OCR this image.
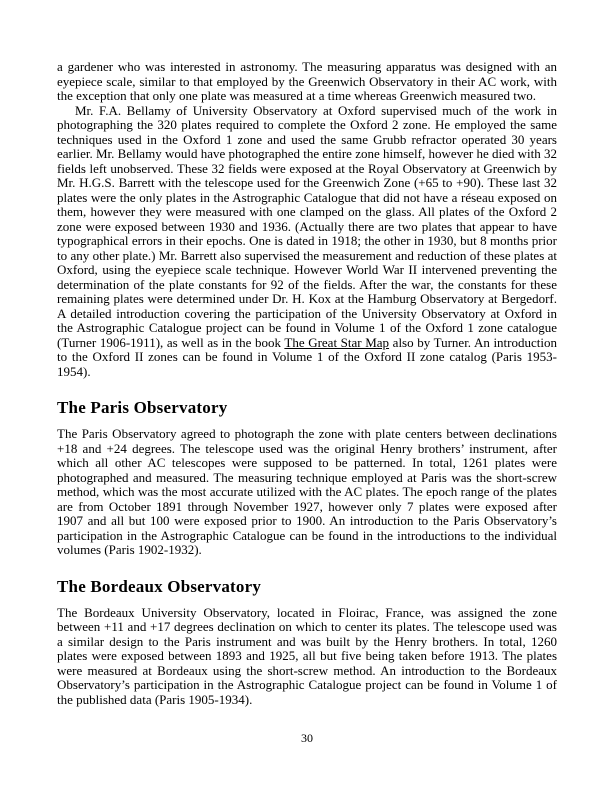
a gardener who was interested in astronomy. The measuring apparatus was designed with an eyepiece scale, similar to that employed by the Greenwich Observatory in their AC work, with the exception that only one plate was measured at a time whereas Greenwich measured two.

Mr. F.A. Bellamy of University Observatory at Oxford supervised much of the work in photographing the 320 plates required to complete the Oxford 2 zone. He employed the same techniques used in the Oxford 1 zone and used the same Grubb refractor operated 30 years earlier. Mr. Bellamy would have photographed the entire zone himself, however he died with 32 fields left unobserved. These 32 fields were exposed at the Royal Observatory at Greenwich by Mr. H.G.S. Barrett with the telescope used for the Greenwich Zone (+65 to +90). These last 32 plates were the only plates in the Astrographic Catalogue that did not have a réseau exposed on them, however they were measured with one clamped on the glass. All plates of the Oxford 2 zone were exposed between 1930 and 1936. (Actually there are two plates that appear to have typographical errors in their epochs. One is dated in 1918; the other in 1930, but 8 months prior to any other plate.) Mr. Barrett also supervised the measurement and reduction of these plates at Oxford, using the eyepiece scale technique. However World War II intervened preventing the determination of the plate constants for 92 of the fields. After the war, the constants for these remaining plates were determined under Dr. H. Kox at the Hamburg Observatory at Bergedorf. A detailed introduction covering the participation of the University Observatory at Oxford in the Astrographic Catalogue project can be found in Volume 1 of the Oxford 1 zone catalogue (Turner 1906-1911), as well as in the book The Great Star Map also by Turner. An introduction to the Oxford II zones can be found in Volume 1 of the Oxford II zone catalog (Paris 1953-1954).

The Paris Observatory

The Paris Observatory agreed to photograph the zone with plate centers between declinations +18 and +24 degrees. The telescope used was the original Henry brothers’ instrument, after which all other AC telescopes were supposed to be patterned. In total, 1261 plates were photographed and measured. The measuring technique employed at Paris was the short-screw method, which was the most accurate utilized with the AC plates. The epoch range of the plates are from October 1891 through November 1927, however only 7 plates were exposed after 1907 and all but 100 were exposed prior to 1900. An introduction to the Paris Observatory’s participation in the Astrographic Catalogue can be found in the introductions to the individual volumes (Paris 1902-1932).

The Bordeaux Observatory

The Bordeaux University Observatory, located in Floirac, France, was assigned the zone between +11 and +17 degrees declination on which to center its plates. The telescope used was a similar design to the Paris instrument and was built by the Henry brothers. In total, 1260 plates were exposed between 1893 and 1925, all but five being taken before 1913. The plates were measured at Bordeaux using the short-screw method. An introduction to the Bordeaux Observatory’s participation in the Astrographic Catalogue project can be found in Volume 1 of the published data (Paris 1905-1934).

30
